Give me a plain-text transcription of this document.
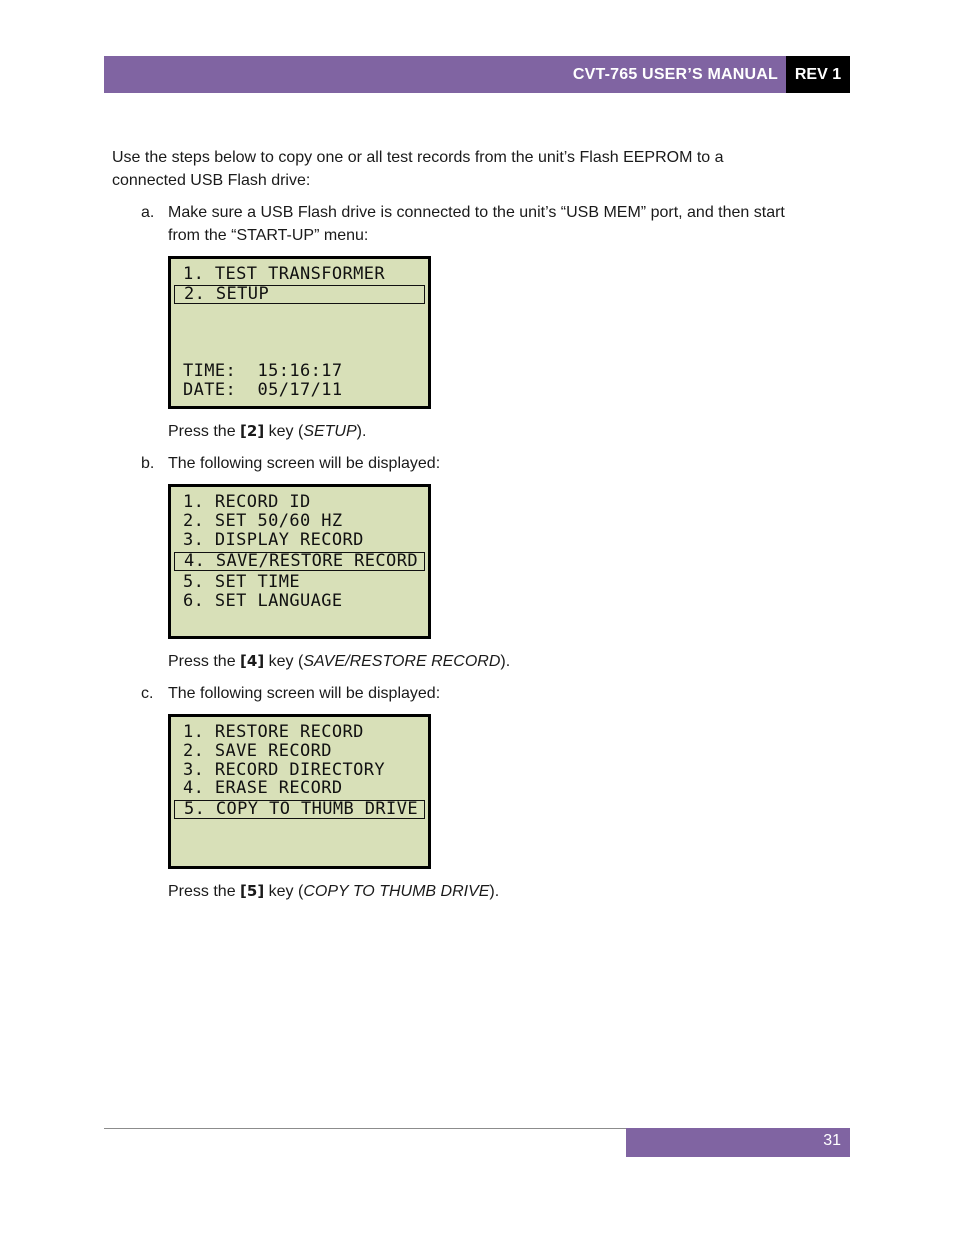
CVT-765 USER’S MANUAL	REV 1

Use the steps below to copy one or all test records from the unit’s Flash EEPROM to a

connected USB Flash drive:

a. Make sure a USB Flash drive is connected to the unit’s “USB MEM” port, and then start

from the “START-UP” menu:

1. TEST TRANSFORMER
2. SETUP
TIME:  15:16:17
DATE:  05/17/11

Press the [2] key (SETUP).

b. The following screen will be displayed:

1. RECORD ID
2. SET 50/60 HZ
3. DISPLAY RECORD
4. SAVE/RESTORE RECORD
5. SET TIME
6. SET LANGUAGE

Press the [4] key (SAVE/RESTORE RECORD).

c. The following screen will be displayed:

1. RESTORE RECORD
2. SAVE RECORD
3. RECORD DIRECTORY
4. ERASE RECORD
5. COPY TO THUMB DRIVE

Press the [5] key (COPY TO THUMB DRIVE).

31
